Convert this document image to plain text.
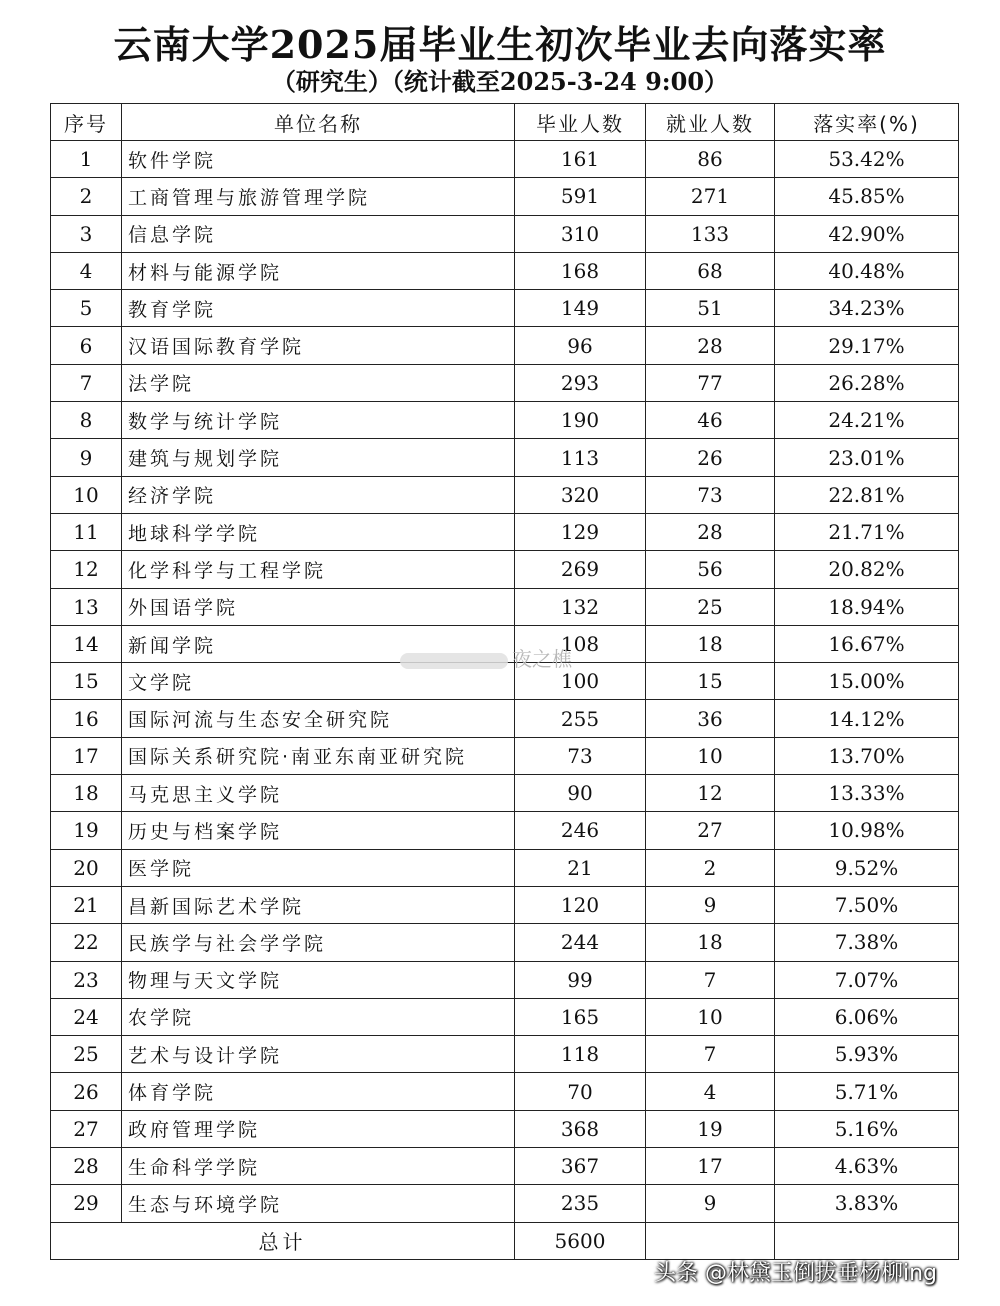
云南大学2025届毕业生初次毕业去向落实率
（研究生）（统计截至2025-3-24 9:00）
序号	单位名称	毕业人数	就业人数	落实率(%)
1	软件学院	161	86	53.42%
2	工商管理与旅游管理学院	591	271	45.85%
3	信息学院	310	133	42.90%
4	材料与能源学院	168	68	40.48%
5	教育学院	149	51	34.23%
6	汉语国际教育学院	96	28	29.17%
7	法学院	293	77	26.28%
8	数学与统计学院	190	46	24.21%
9	建筑与规划学院	113	26	23.01%
10	经济学院	320	73	22.81%
11	地球科学学院	129	28	21.71%
12	化学科学与工程学院	269	56	20.82%
13	外国语学院	132	25	18.94%
14	新闻学院	108	18	16.67%
15	文学院	100	15	15.00%
16	国际河流与生态安全研究院	255	36	14.12%
17	国际关系研究院·南亚东南亚研究院	73	10	13.70%
18	马克思主义学院	90	12	13.33%
19	历史与档案学院	246	27	10.98%
20	医学院	21	2	9.52%
21	昌新国际艺术学院	120	9	7.50%
22	民族学与社会学学院	244	18	7.38%
23	物理与天文学院	99	7	7.07%
24	农学院	165	10	6.06%
25	艺术与设计学院	118	7	5.93%
26	体育学院	70	4	5.71%
27	政府管理学院	368	19	5.16%
28	生命科学学院	367	17	4.63%
29	生态与环境学院	235	9	3.83%
总计		5600		
夜之樵
头条 @林黛玉倒拔垂杨柳ing
